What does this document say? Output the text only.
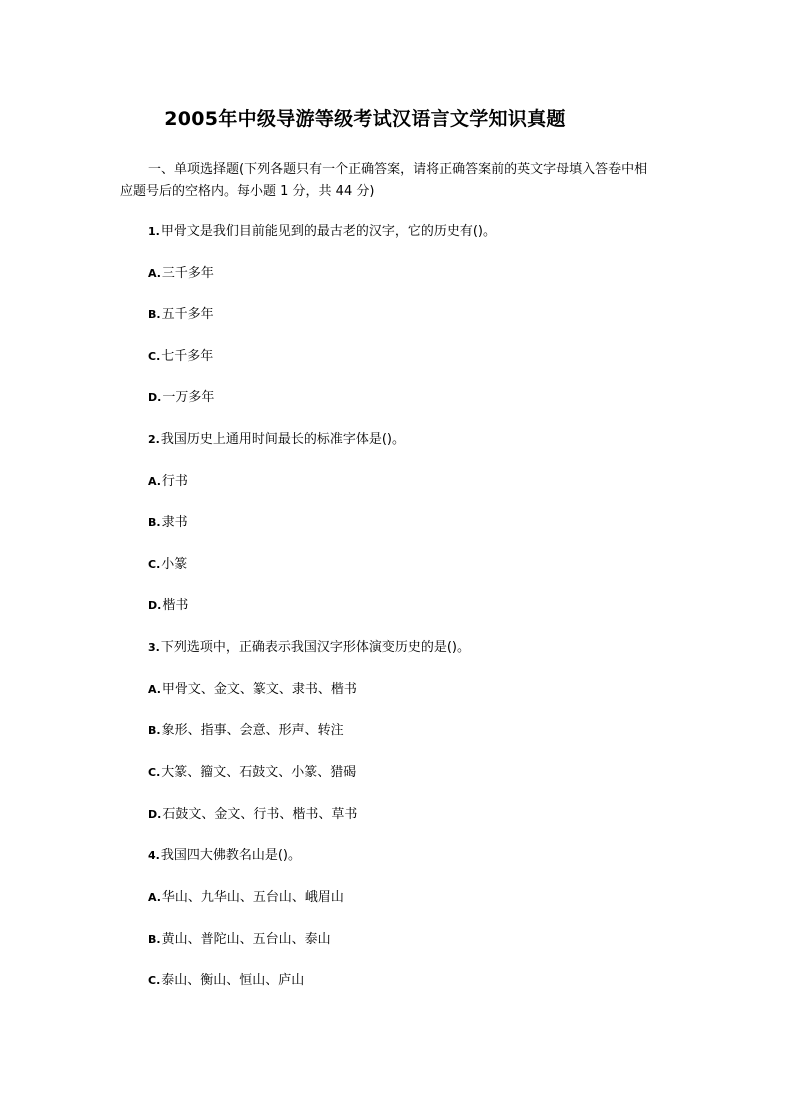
2005年中级导游等级考试汉语言文学知识真题
一、单项选择题(下列各题只有一个正确答案，请将正确答案前的英文字母填入答卷中相应题号后的空格内。每小题 1 分，共 44 分)
1.甲骨文是我们目前能见到的最古老的汉字，它的历史有()。
A.三千多年
B.五千多年
C.七千多年
D.一万多年
2.我国历史上通用时间最长的标准字体是()。
A.行书
B.隶书
C.小篆
D.楷书
3.下列选项中，正确表示我国汉字形体演变历史的是()。
A.甲骨文、金文、篆文、隶书、楷书
B.象形、指事、会意、形声、转注
C.大篆、籀文、石鼓文、小篆、猎碣
D.石鼓文、金文、行书、楷书、草书
4.我国四大佛教名山是()。
A.华山、九华山、五台山、峨眉山
B.黄山、普陀山、五台山、泰山
C.泰山、衡山、恒山、庐山
